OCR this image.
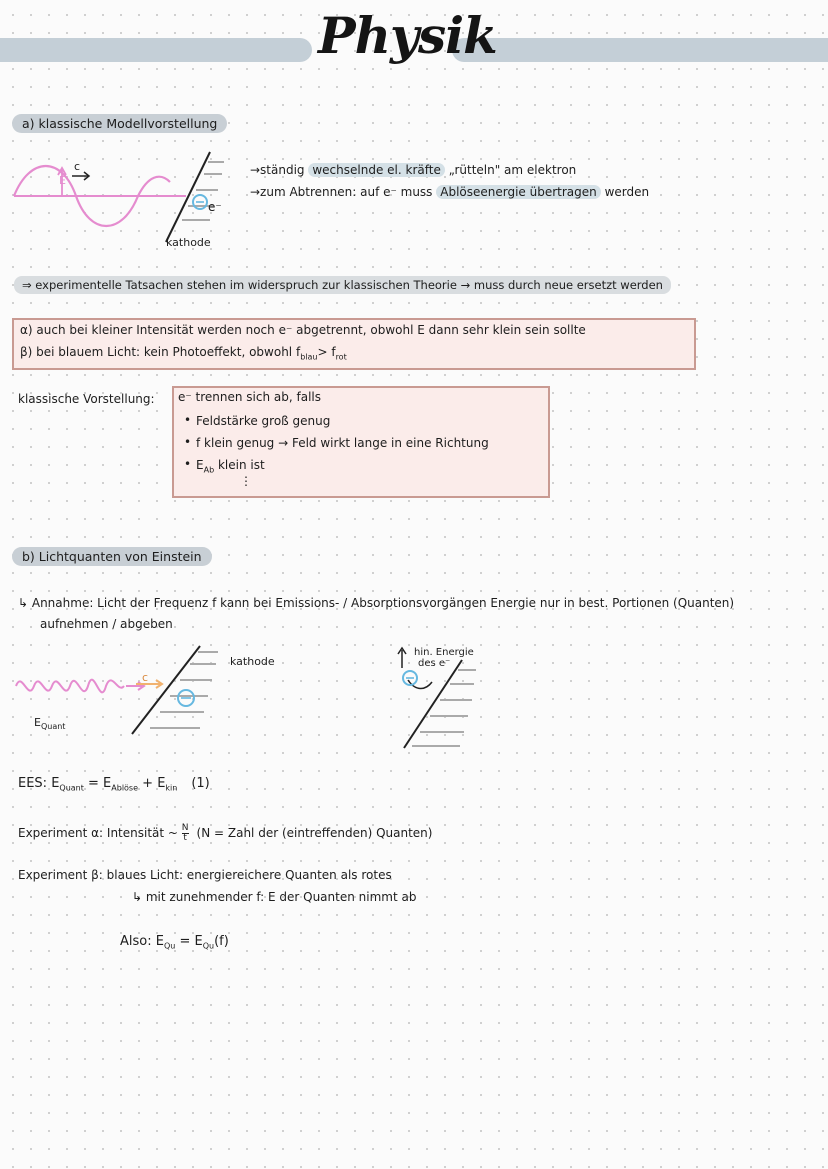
Physik
a) klassische Modellvorstellung
c
E
e⁻
kathode
→ständig wechselnde el. kräfte „rütteln" am elektron
→zum Abtrennen: auf e⁻ muss Ablöseenergie übertragen werden
⇒ experimentelle Tatsachen stehen im widerspruch zur klassischen Theorie → muss durch neue ersetzt werden
α) auch bei kleiner Intensität werden noch e⁻ abgetrennt, obwohl E dann sehr klein sein sollte
β) bei blauem Licht: kein Photoeffekt, obwohl $f_{blau}> f_{rot}$
klassische Vorstellung: e⁻ trennen sich ab, falls
• Feldstärke groß genug
• f klein genug → Feld wirkt lange in eine Richtung
• $E_{Ab}$ klein ist
⋮
b) Lichtquanten von Einstein
↳ Annahme: Licht der Frequenz f kann bei Emissions- / Absorptionsvorgängen Energie nur in best. Portionen (Quanten)
aufnehmen / abgeben
c
kathode
$E_{Quant}$
hin. Energie
des e⁻
EES: $E_{Quant} = E_{Ablöse} + E_{kin}$ (1)
Experiment α: Intensität ~ $\frac{N}{t} (N$ = Zahl der (eintreffenden) Quanten)
Experiment β: blaues Licht: energiereichere Quanten als rotes
↳ mit zunehmender f: E der Quanten nimmt ab
Also: $E_{Qu} = E_{Qu}(f)$
